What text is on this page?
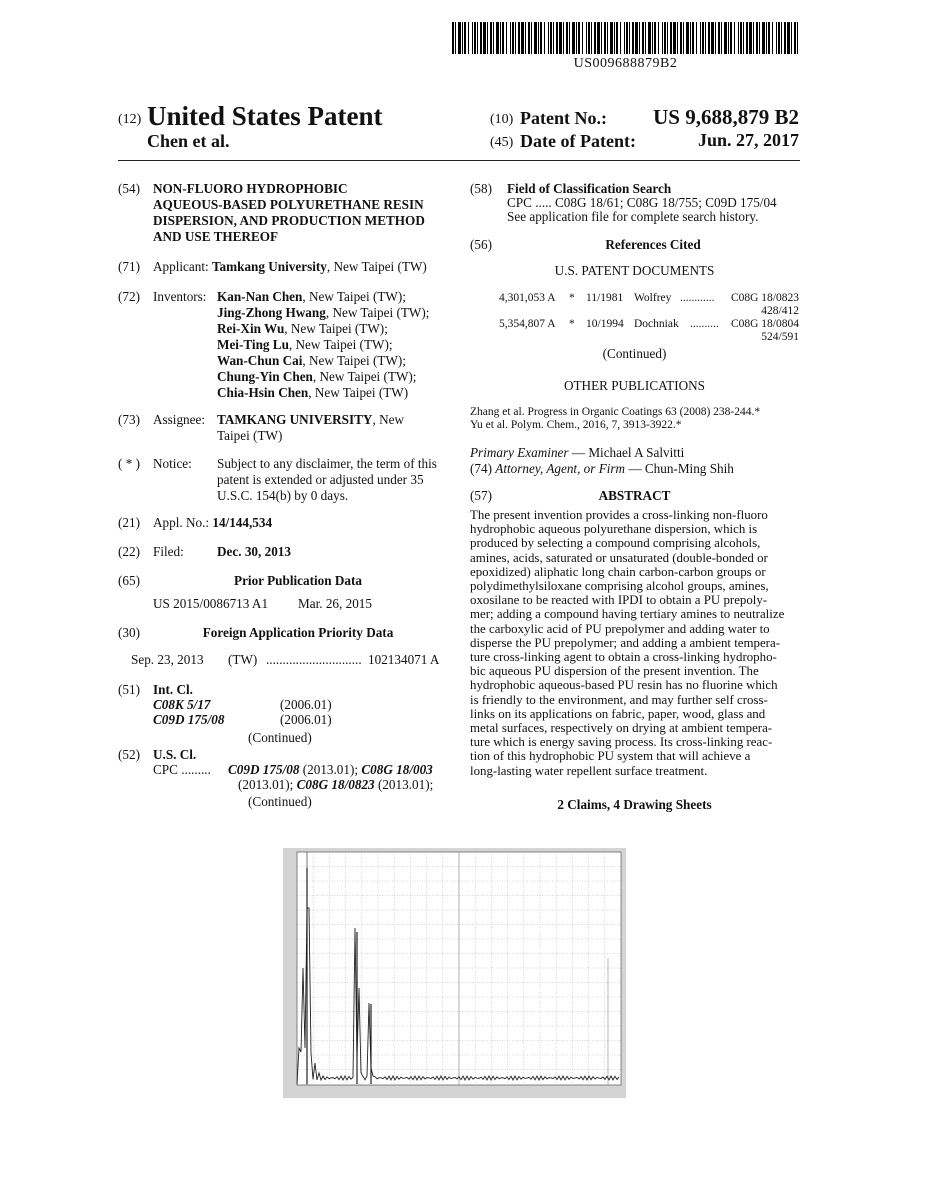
US009688879B2
(12) United States Patent
Chen et al.
(10) Patent No.: US 9,688,879 B2
(45) Date of Patent:	Jun. 27, 2017
(54) NON-FLUORO HYDROPHOBIC
AQUEOUS-BASED POLYURETHANE RESIN
DISPERSION, AND PRODUCTION METHOD
AND USE THEREOF
(71) Applicant: Tamkang University, New Taipei (TW)
(72) Inventors: Kan-Nan Chen, New Taipei (TW);
Jing-Zhong Hwang, New Taipei (TW);
Rei-Xin Wu, New Taipei (TW);
Mei-Ting Lu, New Taipei (TW);
Wan-Chun Cai, New Taipei (TW);
Chung-Yin Chen, New Taipei (TW);
Chia-Hsin Chen, New Taipei (TW)
(73) Assignee: TAMKANG UNIVERSITY, New
Taipei (TW)
( * ) Notice: Subject to any disclaimer, the term of this
patent is extended or adjusted under 35
U.S.C. 154(b) by 0 days.
(21) Appl. No.: 14/144,534
(22) Filed:	Dec. 30, 2013
(65)	Prior Publication Data
US 2015/0086713 A1 Mar. 26, 2015
(30)	Foreign Application Priority Data
Sep. 23, 2013 (TW) ............................. 102134071 A
(51) Int. Cl.
C08K 5/17	(2006.01)
C09D 175/08	(2006.01)
(Continued)
(52) U.S. Cl.
CPC ......... C09D 175/08 (2013.01); C08G 18/003
(2013.01); C08G 18/0823 (2013.01);
(Continued)
(58) Field of Classification Search
CPC ..... C08G 18/61; C08G 18/755; C09D 175/04
See application file for complete search history.
(56)	References Cited
U.S. PATENT DOCUMENTS
4,301,053 A * 11/1981 Wolfrey ............ C08G 18/0823
428/412
5,354,807 A * 10/1994 Dochniak .......... C08G 18/0804
524/591
(Continued)
OTHER PUBLICATIONS
Zhang et al. Progress in Organic Coatings 63 (2008) 238-244.*
Yu et al. Polym. Chem., 2016, 7, 3913-3922.*
Primary Examiner — Michael A Salvitti
(74) Attorney, Agent, or Firm — Chun-Ming Shih
(57)	ABSTRACT
The present invention provides a cross-linking non-fluoro
hydrophobic aqueous polyurethane dispersion, which is
produced by selecting a compound comprising alcohols,
amines, acids, saturated or unsaturated (double-bonded or
epoxidized) aliphatic long chain carbon-carbon groups or
polydimethylsiloxane comprising alcohol groups, amines,
oxosilane to be reacted with IPDI to obtain a PU prepoly-
mer; adding a compound having tertiary amines to neutralize
the carboxylic acid of PU prepolymer and adding water to
disperse the PU prepolymer; and adding a ambient tempera-
ture cross-linking agent to obtain a cross-linking hydropho-
bic aqueous PU dispersion of the present invention. The
hydrophobic aqueous-based PU resin has no fluorine which
is friendly to the environment, and may further self cross-
links on its applications on fabric, paper, wood, glass and
metal surfaces, respectively on drying at ambient tempera-
ture which is energy saving process. Its cross-linking reac-
tion of this hydrophobic PU system that will achieve a
long-lasting water repellent surface treatment.
2 Claims, 4 Drawing Sheets
